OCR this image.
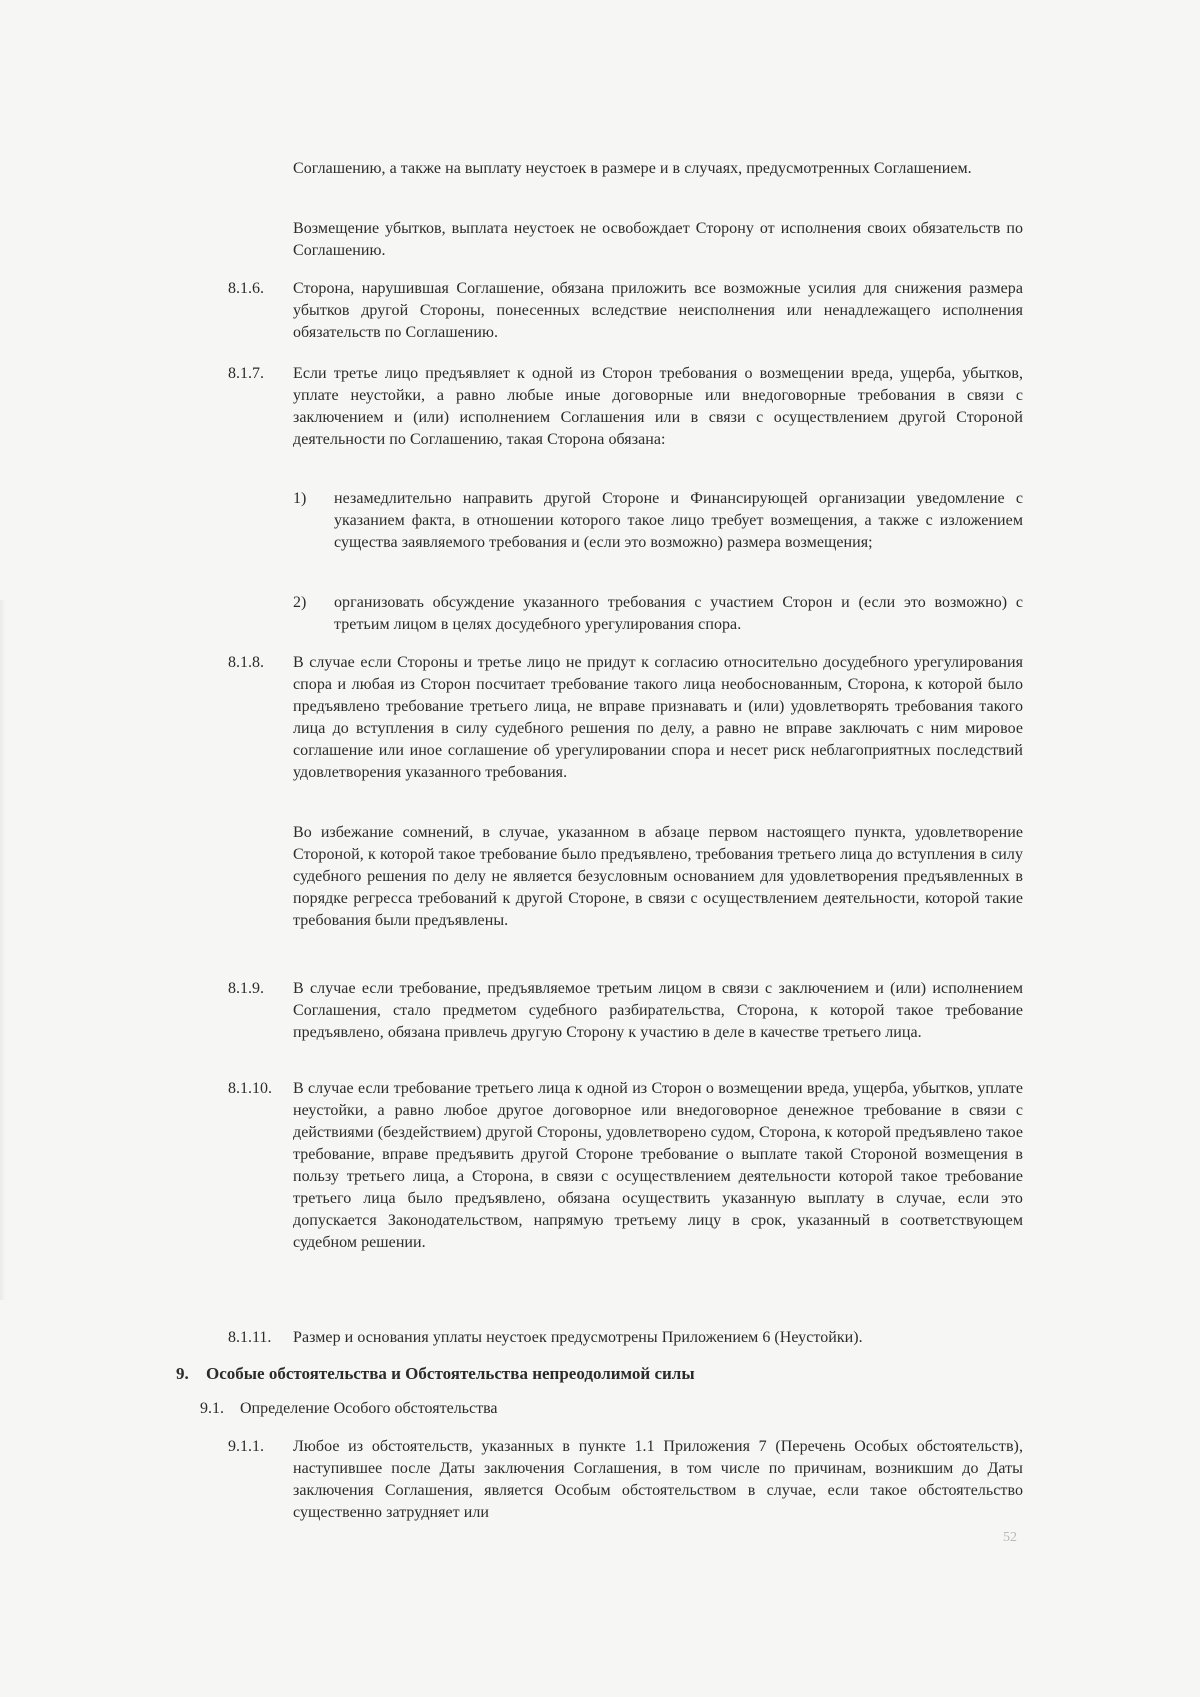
Соглашению, а также на выплату неустоек в размере и в случаях, предусмотренных Соглашением.
Возмещение убытков, выплата неустоек не освобождает Сторону от исполнения своих обязательств по Соглашению.
8.1.6. Сторона, нарушившая Соглашение, обязана приложить все возможные усилия для снижения размера убытков другой Стороны, понесенных вследствие неисполнения или ненадлежащего исполнения обязательств по Соглашению.
8.1.7. Если третье лицо предъявляет к одной из Сторон требования о возмещении вреда, ущерба, убытков, уплате неустойки, а равно любые иные договорные или внедоговорные требования в связи с заключением и (или) исполнением Соглашения или в связи с осуществлением другой Стороной деятельности по Соглашению, такая Сторона обязана:
1) незамедлительно направить другой Стороне и Финансирующей организации уведомление с указанием факта, в отношении которого такое лицо требует возмещения, а также с изложением существа заявляемого требования и (если это возможно) размера возмещения;
2) организовать обсуждение указанного требования с участием Сторон и (если это возможно) с третьим лицом в целях досудебного урегулирования спора.
8.1.8. В случае если Стороны и третье лицо не придут к согласию относительно досудебного урегулирования спора и любая из Сторон посчитает требование такого лица необоснованным, Сторона, к которой было предъявлено требование третьего лица, не вправе признавать и (или) удовлетворять требования такого лица до вступления в силу судебного решения по делу, а равно не вправе заключать с ним мировое соглашение или иное соглашение об урегулировании спора и несет риск неблагоприятных последствий удовлетворения указанного требования.
Во избежание сомнений, в случае, указанном в абзаце первом настоящего пункта, удовлетворение Стороной, к которой такое требование было предъявлено, требования третьего лица до вступления в силу судебного решения по делу не является безусловным основанием для удовлетворения предъявленных в порядке регресса требований к другой Стороне, в связи с осуществлением деятельности, которой такие требования были предъявлены.
8.1.9. В случае если требование, предъявляемое третьим лицом в связи с заключением и (или) исполнением Соглашения, стало предметом судебного разбирательства, Сторона, к которой такое требование предъявлено, обязана привлечь другую Сторону к участию в деле в качестве третьего лица.
8.1.10. В случае если требование третьего лица к одной из Сторон о возмещении вреда, ущерба, убытков, уплате неустойки, а равно любое другое договорное или внедоговорное денежное требование в связи с действиями (бездействием) другой Стороны, удовлетворено судом, Сторона, к которой предъявлено такое требование, вправе предъявить другой Стороне требование о выплате такой Стороной возмещения в пользу третьего лица, а Сторона, в связи с осуществлением деятельности которой такое требование третьего лица было предъявлено, обязана осуществить указанную выплату в случае, если это допускается Законодательством, напрямую третьему лицу в срок, указанный в соответствующем судебном решении.
8.1.11. Размер и основания уплаты неустоек предусмотрены Приложением 6 (Неустойки).
9. Особые обстоятельства и Обстоятельства непреодолимой силы
9.1. Определение Особого обстоятельства
9.1.1. Любое из обстоятельств, указанных в пункте 1.1 Приложения 7 (Перечень Особых обстоятельств), наступившее после Даты заключения Соглашения, в том числе по причинам, возникшим до Даты заключения Соглашения, является Особым обстоятельством в случае, если такое обстоятельство существенно затрудняет или
52
